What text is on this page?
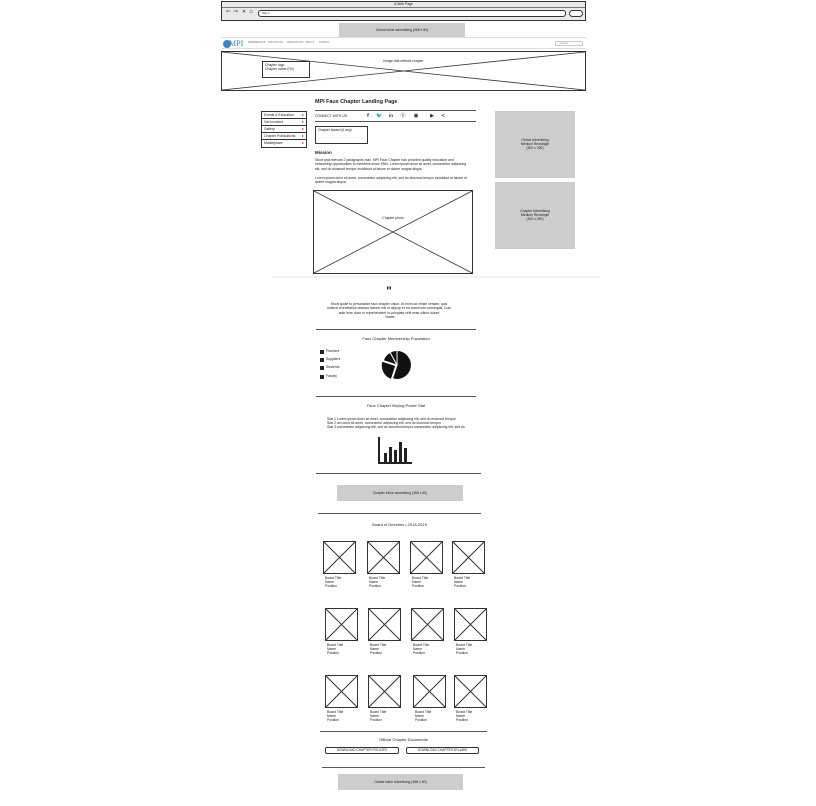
A Web Page
⇦ ⇨ ✕ ⌂	http://
Global inline advertising (468 x 60)
MPI MEMBERSHIP EDUCATION RESOURCES ABOUT PORTAL	Search
Image that reflects chapter
Chapter logo
Chapter name (H1)
Events & Education	▸
Get Involved	▸
Gallery	▸
Chapter Publications	▸
Marketplace	▸
MPI Faux Chapter Landing Page
CONNECT WITH US	f	🐦 in ⓑ ▣ ▶ ≺
Chapter Award (if any)
Mission
Short and relevant 2 paragraphs max. MPI Faux Chapter has provided quality education and networking opportunities to members since 1984. Lorem ipsum dolor sit amet, consectetur adipiscing elit, sed do eiusmod tempor incididunt ut labore et dolore magna aliqua.
Lorem ipsum dolor sit amet, consectetur adipiscing elit, sed do eiusmod tempor incididunt ut labore et dolore magna aliqua.
Chapter photo
Global Advertising
Medium Rectangle
(300 x 250)
Chapter Advertising
Medium Rectangle
(300 x 250)
"
Short quote to personalize faux chapter value. Ut enim ad minim veniam, quis nostrud exercitation ullamco laboris nisi ut aliquip ex ea commodo consequat. Duis aute irure dolor in reprehenderit in voluptate velit esse cillum dolore
- Name
Faux Chapter Membership Population
Planners
Suppliers
Students
Faculty
Faux Chapter Buying Power Stat
Stat 1 Lorem ipsum dolor sit amet, consectetur adipiscing elit, sed do eiusmod tempor
Stat 2 um dolor sit amet, consectetur adipiscing elit, sed do eiusmod tempor
Stat 3 consectetur adipiscing elit, sed do eiusmod tempor consectetur adipiscing elit, sed do
Chapter inline advertising (468 x 60)
Board of Directors | 2018-2019
Board Title
Name
Position
Board Title
Name
Position
Board Title
Name
Position
Board Title
Name
Position
Board Title
Name
Position
Board Title
Name
Position
Board Title
Name
Position
Board Title
Name
Position
Board Title
Name
Position
Board Title
Name
Position
Board Title
Name
Position
Board Title
Name
Position
Official Chapter Documents
DOWNLOAD CHAPTER POLICIES	DOWNLOAD CHAPTER BYLAWS
Global inline advertising (468 x 60)
